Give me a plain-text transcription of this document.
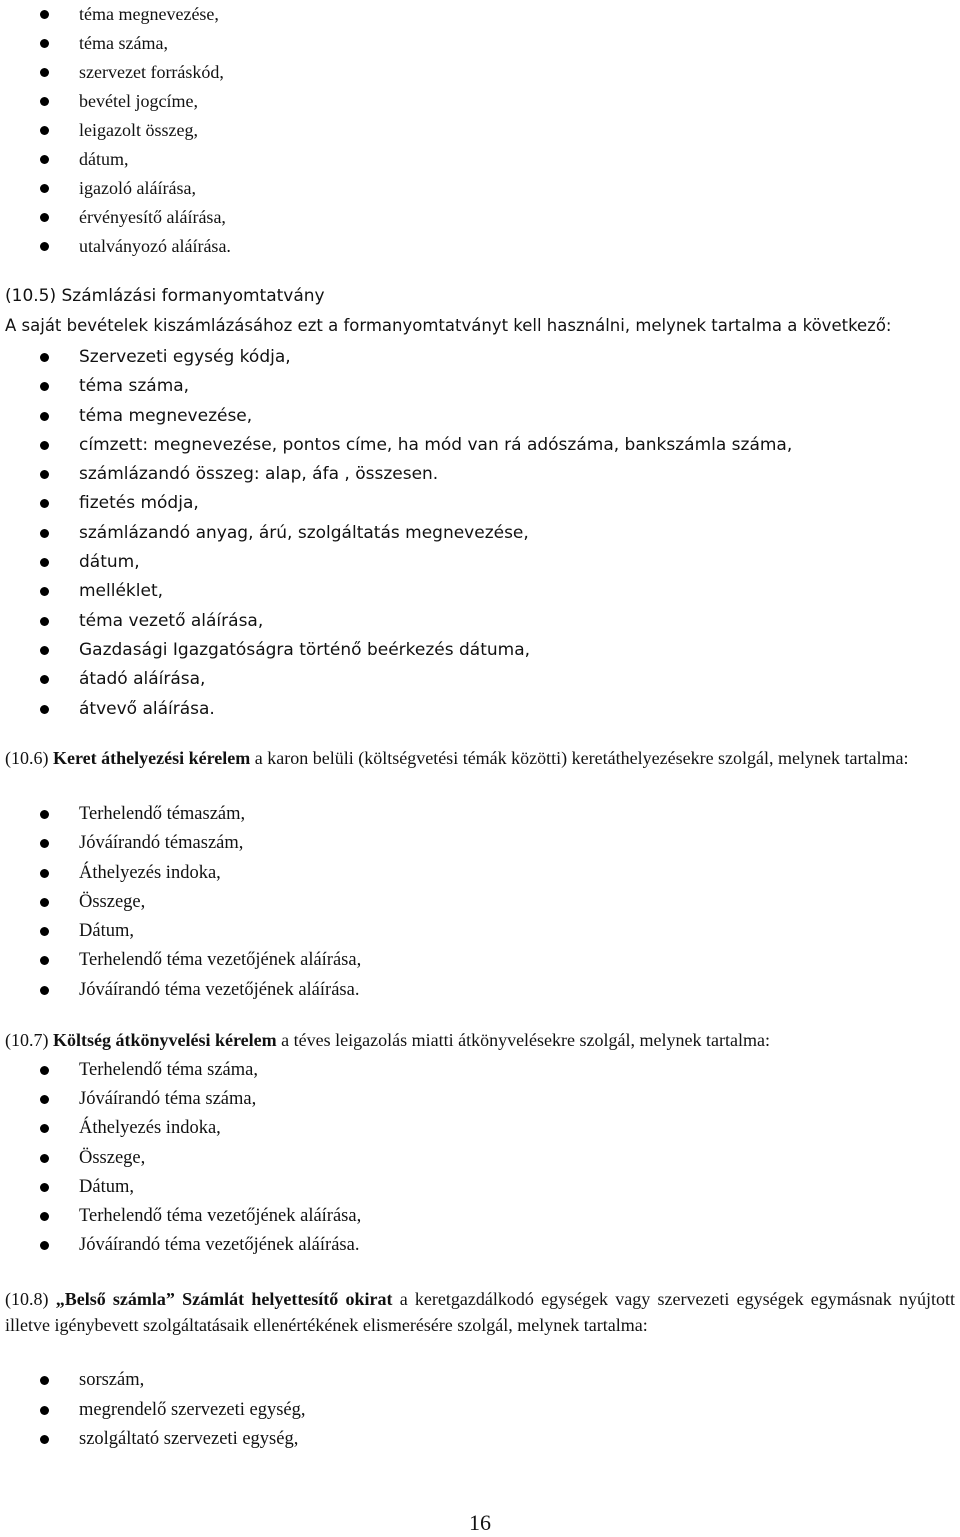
téma megnevezése,
téma száma,
szervezet forráskód,
bevétel jogcíme,
leigazolt összeg,
dátum,
igazoló aláírása,
érvényesítő aláírása,
utalványozó aláírása.
(10.5) Számlázási formanyomtatvány
A saját bevételek kiszámlázásához ezt a formanyomtatványt kell használni, melynek tartalma a következő:
Szervezeti egység kódja,
téma száma,
téma megnevezése,
címzett: megnevezése, pontos címe, ha mód van rá adószáma, bankszámla száma,
számlázandó összeg: alap, áfa , összesen.
fizetés módja,
számlázandó anyag, árú, szolgáltatás megnevezése,
dátum,
melléklet,
téma vezető aláírása,
Gazdasági Igazgatóságra történő beérkezés dátuma,
átadó aláírása,
átvevő aláírása.
(10.6) Keret áthelyezési kérelem a karon belüli (költségvetési témák közötti) keretáthelyezésekre szolgál, melynek tartalma:
Terhelendő témaszám,
Jóváírandó témaszám,
Áthelyezés indoka,
Összege,
Dátum,
Terhelendő téma vezetőjének aláírása,
Jóváírandó téma vezetőjének aláírása.
(10.7) Költség átkönyvelési kérelem a téves leigazolás miatti átkönyvelésekre szolgál, melynek tartalma:
Terhelendő téma száma,
Jóváírandó téma száma,
Áthelyezés indoka,
Összege,
Dátum,
Terhelendő téma vezetőjének aláírása,
Jóváírandó téma vezetőjének aláírása.
(10.8) „Belső számla” Számlát helyettesítő okirat a keretgazdálkodó egységek vagy szervezeti egységek egymásnak nyújtott illetve igénybevett szolgáltatásaik ellenértékének elismerésére szolgál, melynek tartalma:
sorszám,
megrendelő szervezeti egység,
szolgáltató szervezeti egység,
16
